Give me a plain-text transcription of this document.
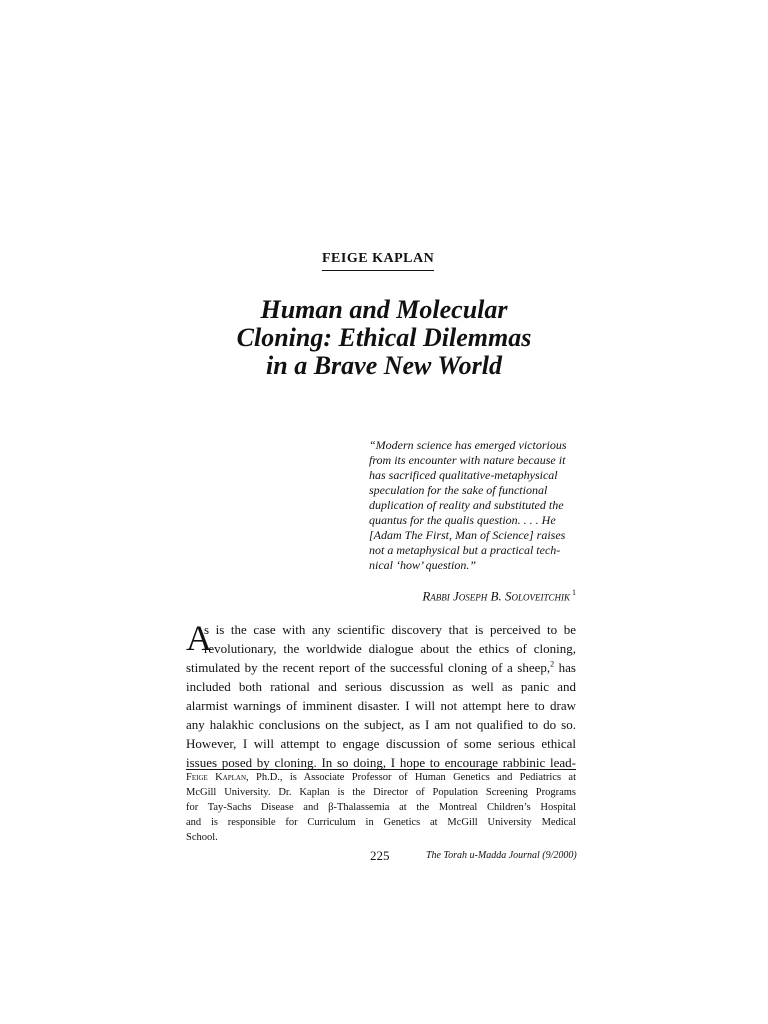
FEIGE KAPLAN
Human and Molecular
Cloning: Ethical Dilemmas
in a Brave New World
“Modern science has emerged victorious
from its encounter with nature because it
has sacrificed qualitative-metaphysical
speculation for the sake of functional
duplication of reality and substituted the
quantus for the qualis question. . . . He
[Adam The First, Man of Science] raises
not a metaphysical but a practical tech-
nical ‘how’ question.”
Rabbi Joseph B. Soloveitchik $^1$
A
s is the case with any scientific discovery that is perceived to be
revolutionary, the worldwide dialogue about the ethics of cloning,
stimulated by the recent report of the successful cloning of a sheep,$^2$ has
included both rational and serious discussion as well as panic and
alarmist warnings of imminent disaster. I will not attempt here to draw
any halakhic conclusions on the subject, as I am not qualified to do so.
However, I will attempt to engage discussion of some serious ethical
issues posed by cloning. In so doing, I hope to encourage rabbinic lead-
Feige Kaplan, Ph.D., is Associate Professor of Human Genetics and Pediatrics at
McGill University. Dr. Kaplan is the Director of Population Screening Programs
for Tay-Sachs Disease and β-Thalassemia at the Montreal Children’s Hospital
and is responsible for Curriculum in Genetics at McGill University Medical
School.
225	The Torah u-Madda Journal (9/2000)
